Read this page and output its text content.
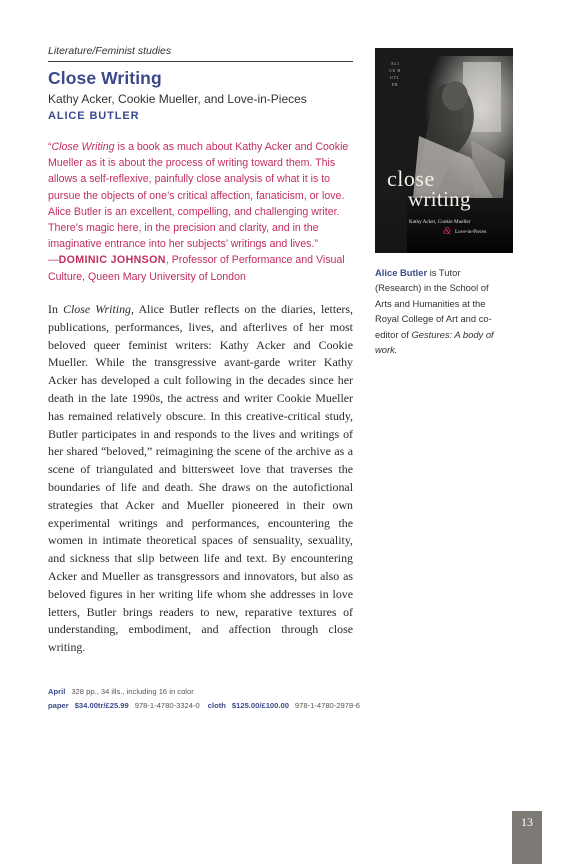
Literature/Feminist studies
Close Writing
Kathy Acker, Cookie Mueller, and Love-in-Pieces
ALICE BUTLER
“Close Writing is a book as much about Kathy Acker and Cookie Mueller as it is about the process of writing toward them. This allows a self-reflexive, painfully close analysis of what it is to pursue the objects of one’s critical affection, fanaticism, or love. Alice Butler is an excellent, compelling, and challenging writer. There’s magic here, in the precision and clarity, and in the imaginative entrance into her subjects’ writings and lives.”
—DOMINIC JOHNSON, Professor of Performance and Visual Culture, Queen Mary University of London
In Close Writing, Alice Butler reflects on the diaries, letters, publications, performances, lives, and afterlives of her most beloved queer feminist writers: Kathy Acker and Cookie Mueller. While the transgressive avant-garde writer Kathy Acker has developed a cult following in the decades since her death in the late 1990s, the actress and writer Cookie Mueller has remained relatively obscure. In this creative-critical study, Butler participates in and responds to the lives and writings of her shared “beloved,” reimagining the scene of the archive as a scene of triangulated and bittersweet love that traverses the boundaries of life and death. She draws on the autofictional strategies that Acker and Mueller pioneered in their own experimental writings and performances, encountering the women in intimate theoretical spaces of sensuality, sexuality, and sickness that slip between life and text. By encountering Acker and Mueller as transgressors and innovators, but also as beloved figures in her writing life whom she addresses in love letters, Butler brings readers to new, reparative textures of understanding, embodiment, and affection through close writing.
ALICE BUTLER
close
writing
Kathy Acker, Cookie Mueller
& Love-in-Pieces
Alice Butler is Tutor (Research) in the School of Arts and Humanities at the Royal College of Art and co-editor of Gestures: A body of work.
April 328 pp., 34 ills., including 16 in color
paper $34.00tr/£25.99 978-1-4780-3324-0 cloth $125.00/£100.00 978-1-4780-2978-6
13
